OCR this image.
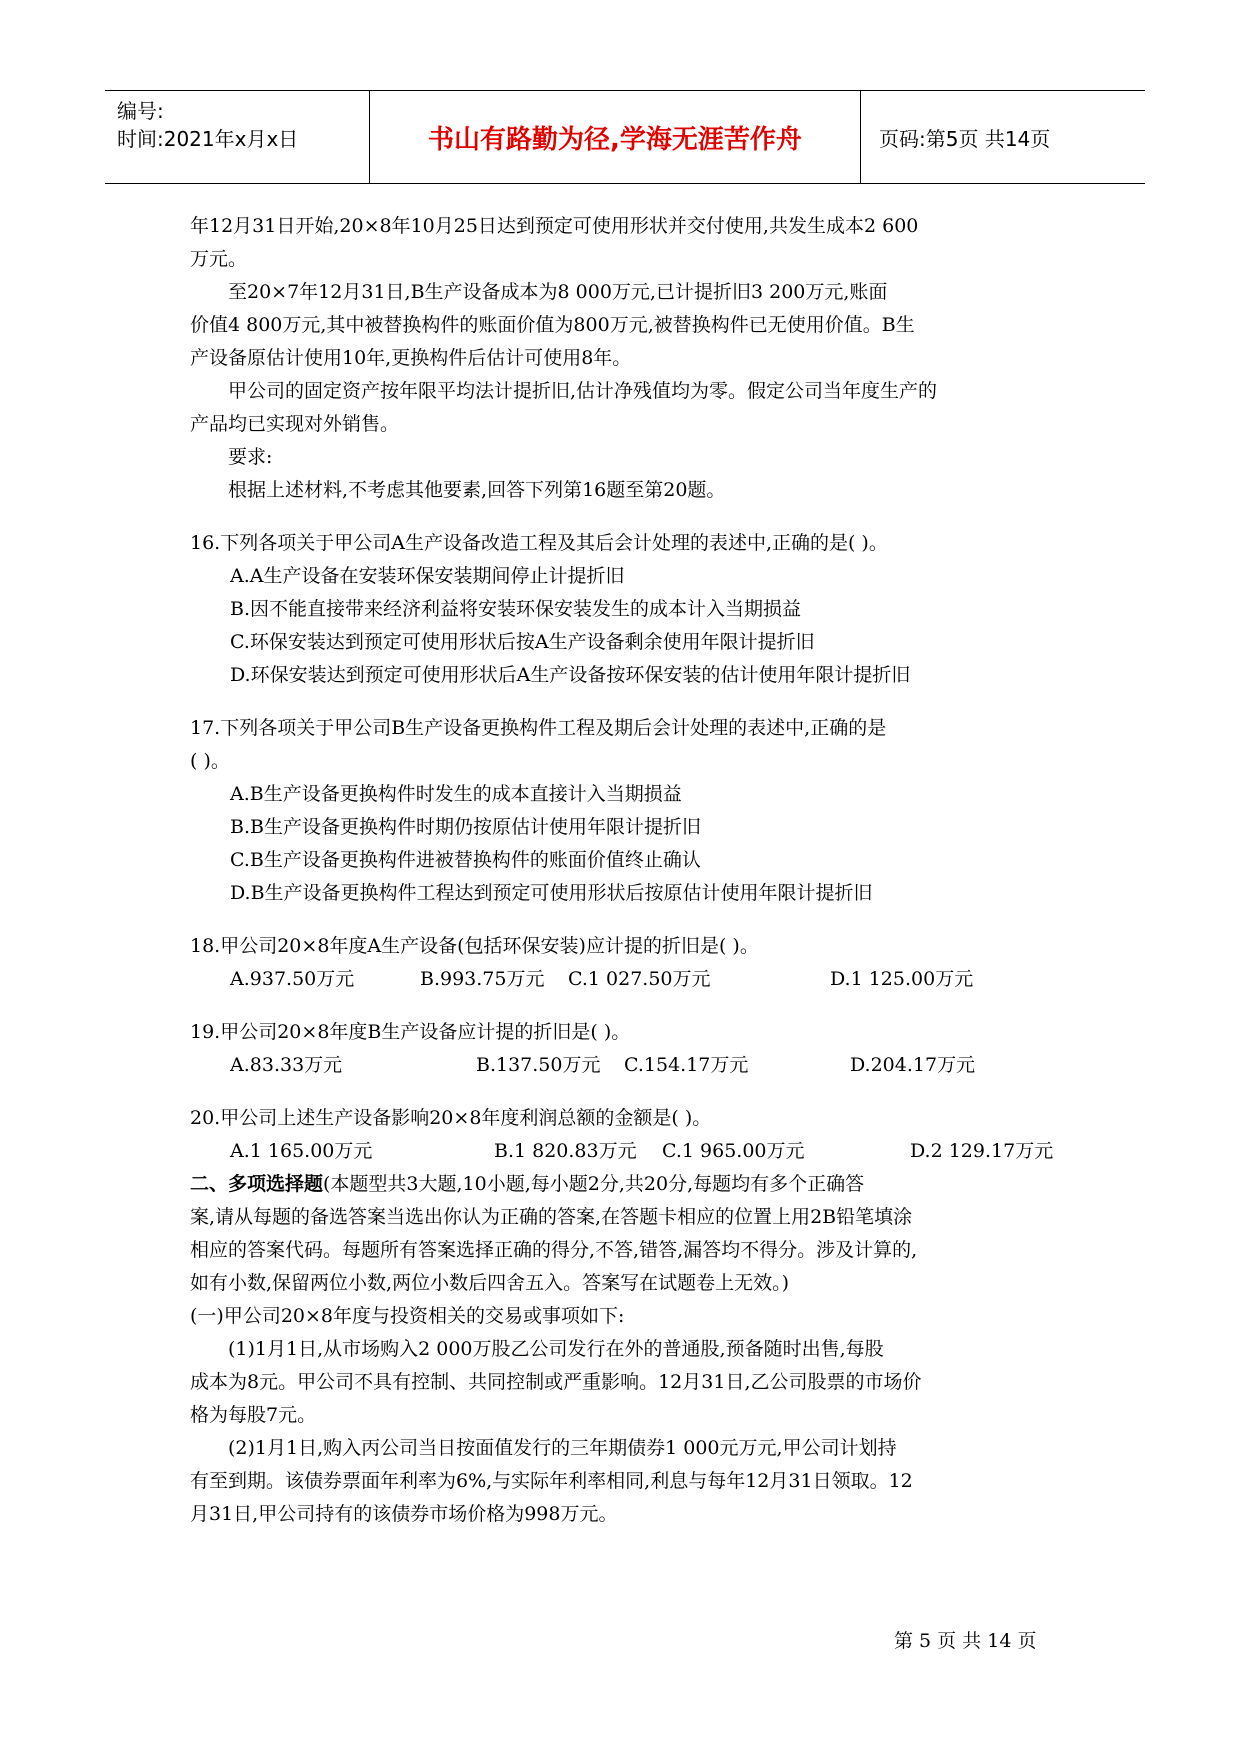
编号:
时间:2021年x月x日	书山有路勤为径,学海无涯苦作舟	页码:第5页 共14页

年12月31日开始,20×8年10月25日达到预定可使用形状并交付使用,共发生成本2 600

万元。

至20×7年12月31日,B生产设备成本为8 000万元,已计提折旧3 200万元,账面

价值4 800万元,其中被替换构件的账面价值为800万元,被替换构件已无使用价值。B生

产设备原估计使用10年,更换构件后估计可使用8年。

甲公司的固定资产按年限平均法计提折旧,估计净残值均为零。假定公司当年度生产的

产品均已实现对外销售。

要求:

根据上述材料,不考虑其他要素,回答下列第16题至第20题。

16.下列各项关于甲公司A生产设备改造工程及其后会计处理的表述中,正确的是( )。

A.A生产设备在安装环保安装期间停止计提折旧

B.因不能直接带来经济利益将安装环保安装发生的成本计入当期损益

C.环保安装达到预定可使用形状后按A生产设备剩余使用年限计提折旧

D.环保安装达到预定可使用形状后A生产设备按环保安装的估计使用年限计提折旧

17.下列各项关于甲公司B生产设备更换构件工程及期后会计处理的表述中,正确的是

( )。

A.B生产设备更换构件时发生的成本直接计入当期损益

B.B生产设备更换构件时期仍按原估计使用年限计提折旧

C.B生产设备更换构件进被替换构件的账面价值终止确认

D.B生产设备更换构件工程达到预定可使用形状后按原估计使用年限计提折旧

18.甲公司20×8年度A生产设备(包括环保安装)应计提的折旧是( )。

A.937.50万元	B.993.75万元	C.1 027.50万元	D.1 125.00万元

19.甲公司20×8年度B生产设备应计提的折旧是( )。

A.83.33万元	B.137.50万元	C.154.17万元	D.204.17万元

20.甲公司上述生产设备影响20×8年度利润总额的金额是( )。

A.1 165.00万元	B.1 820.83万元	C.1 965.00万元	D.2 129.17万元

二、多项选择题(本题型共3大题,10小题,每小题2分,共20分,每题均有多个正确答

案,请从每题的备选答案当选出你认为正确的答案,在答题卡相应的位置上用2B铅笔填涂

相应的答案代码。每题所有答案选择正确的得分,不答,错答,漏答均不得分。涉及计算的,

如有小数,保留两位小数,两位小数后四舍五入。答案写在试题卷上无效。)

(一)甲公司20×8年度与投资相关的交易或事项如下:

(1)1月1日,从市场购入2 000万股乙公司发行在外的普通股,预备随时出售,每股

成本为8元。甲公司不具有控制、共同控制或严重影响。12月31日,乙公司股票的市场价

格为每股7元。

(2)1月1日,购入丙公司当日按面值发行的三年期债券1 000元万元,甲公司计划持

有至到期。该债券票面年利率为6%,与实际年利率相同,利息与每年12月31日领取。12

月31日,甲公司持有的该债券市场价格为998万元。

第 5 页 共 14 页
